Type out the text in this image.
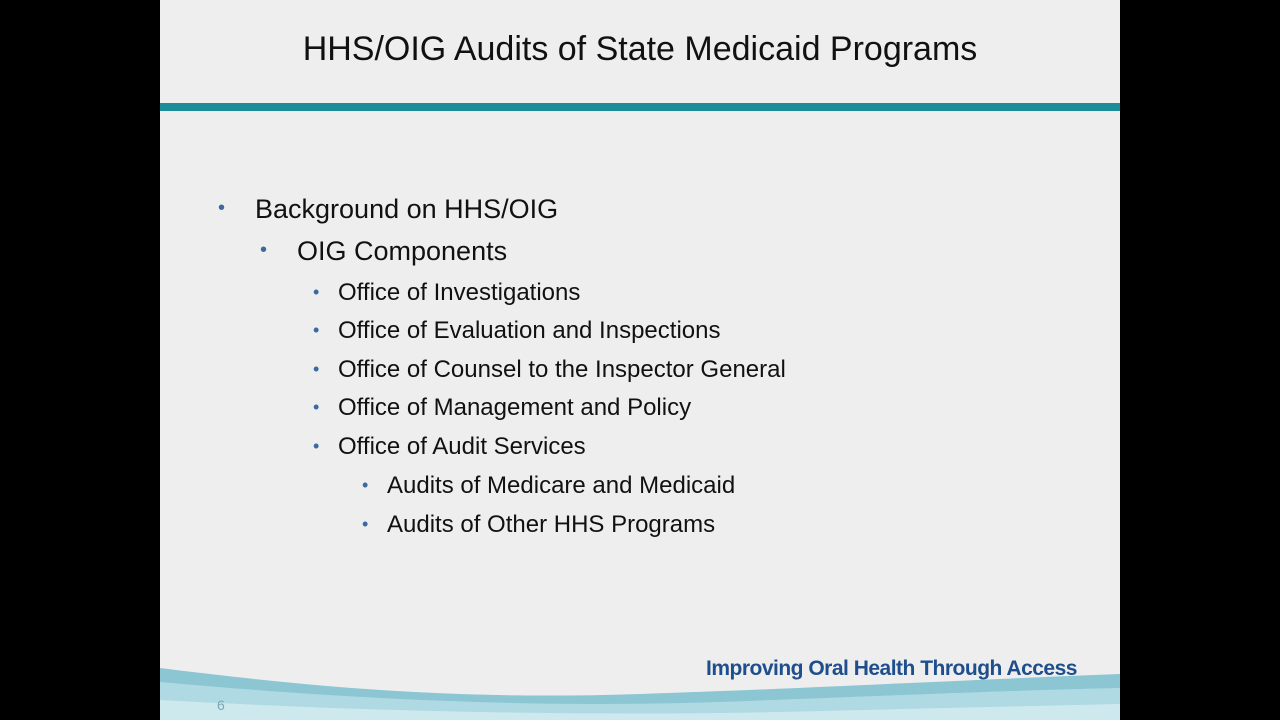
HHS/OIG Audits of State Medicaid Programs
• Background on HHS/OIG
• OIG Components
• Office of Investigations
• Office of Evaluation and Inspections
• Office of Counsel to the Inspector General
• Office of Management and Policy
• Office of Audit Services
• Audits of Medicare and Medicaid
• Audits of Other HHS Programs
Improving Oral Health Through Access
6
